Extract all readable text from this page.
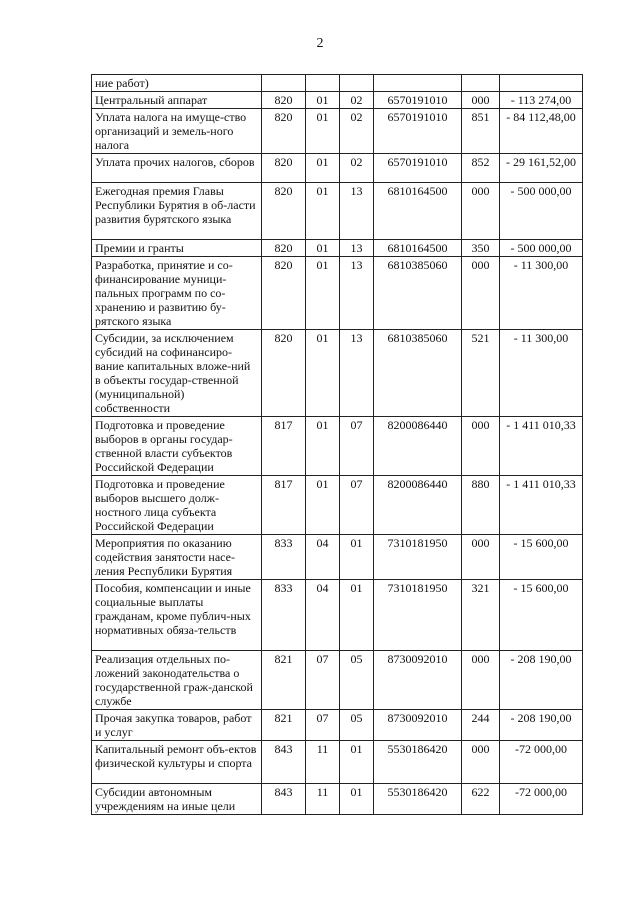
2
ние работ)						
Центральный аппарат	820	01	02	6570191010	000	- 113 274,00
Уплата налога на имуще-ство организаций и земель-ного налога	820	01	02	6570191010	851	- 84 112,48,00
Уплата прочих налогов, сборов	820	01	02	6570191010	852	- 29 161,52,00
Ежегодная премия Главы Республики Бурятия в об-ласти развития бурятского языка	820	01	13	6810164500	000	- 500 000,00
Премии и гранты	820	01	13	6810164500	350	- 500 000,00
Разработка, принятие и со-финансирование муници-пальных программ по со-хранению и развитию бу-рятского языка	820	01	13	6810385060	000	- 11 300,00
Субсидии, за исключением субсидий на софинансиро-вание капитальных вложе-ний в объекты государ-ственной (муниципальной) собственности	820	01	13	6810385060	521	- 11 300,00
Подготовка и проведение выборов в органы государ-ственной власти субъектов Российской Федерации	817	01	07	8200086440	000	- 1 411 010,33
Подготовка и проведение выборов высшего долж-ностного лица субъекта Российской Федерации	817	01	07	8200086440	880	- 1 411 010,33
Мероприятия по оказанию содействия занятости насе-ления Республики Бурятия	833	04	01	7310181950	000	- 15 600,00
Пособия, компенсации и иные социальные выплаты гражданам, кроме публич-ных нормативных обяза-тельств	833	04	01	7310181950	321	- 15 600,00
Реализация отдельных по-ложений законодательства о государственной граж-данской службе	821	07	05	8730092010	000	- 208 190,00
Прочая закупка товаров, работ и услуг	821	07	05	8730092010	244	- 208 190,00
Капитальный ремонт объ-ектов физической культуры и спорта	843	11	01	5530186420	000	-72 000,00
Субсидии автономным учреждениям на иные цели	843	11	01	5530186420	622	-72 000,00
